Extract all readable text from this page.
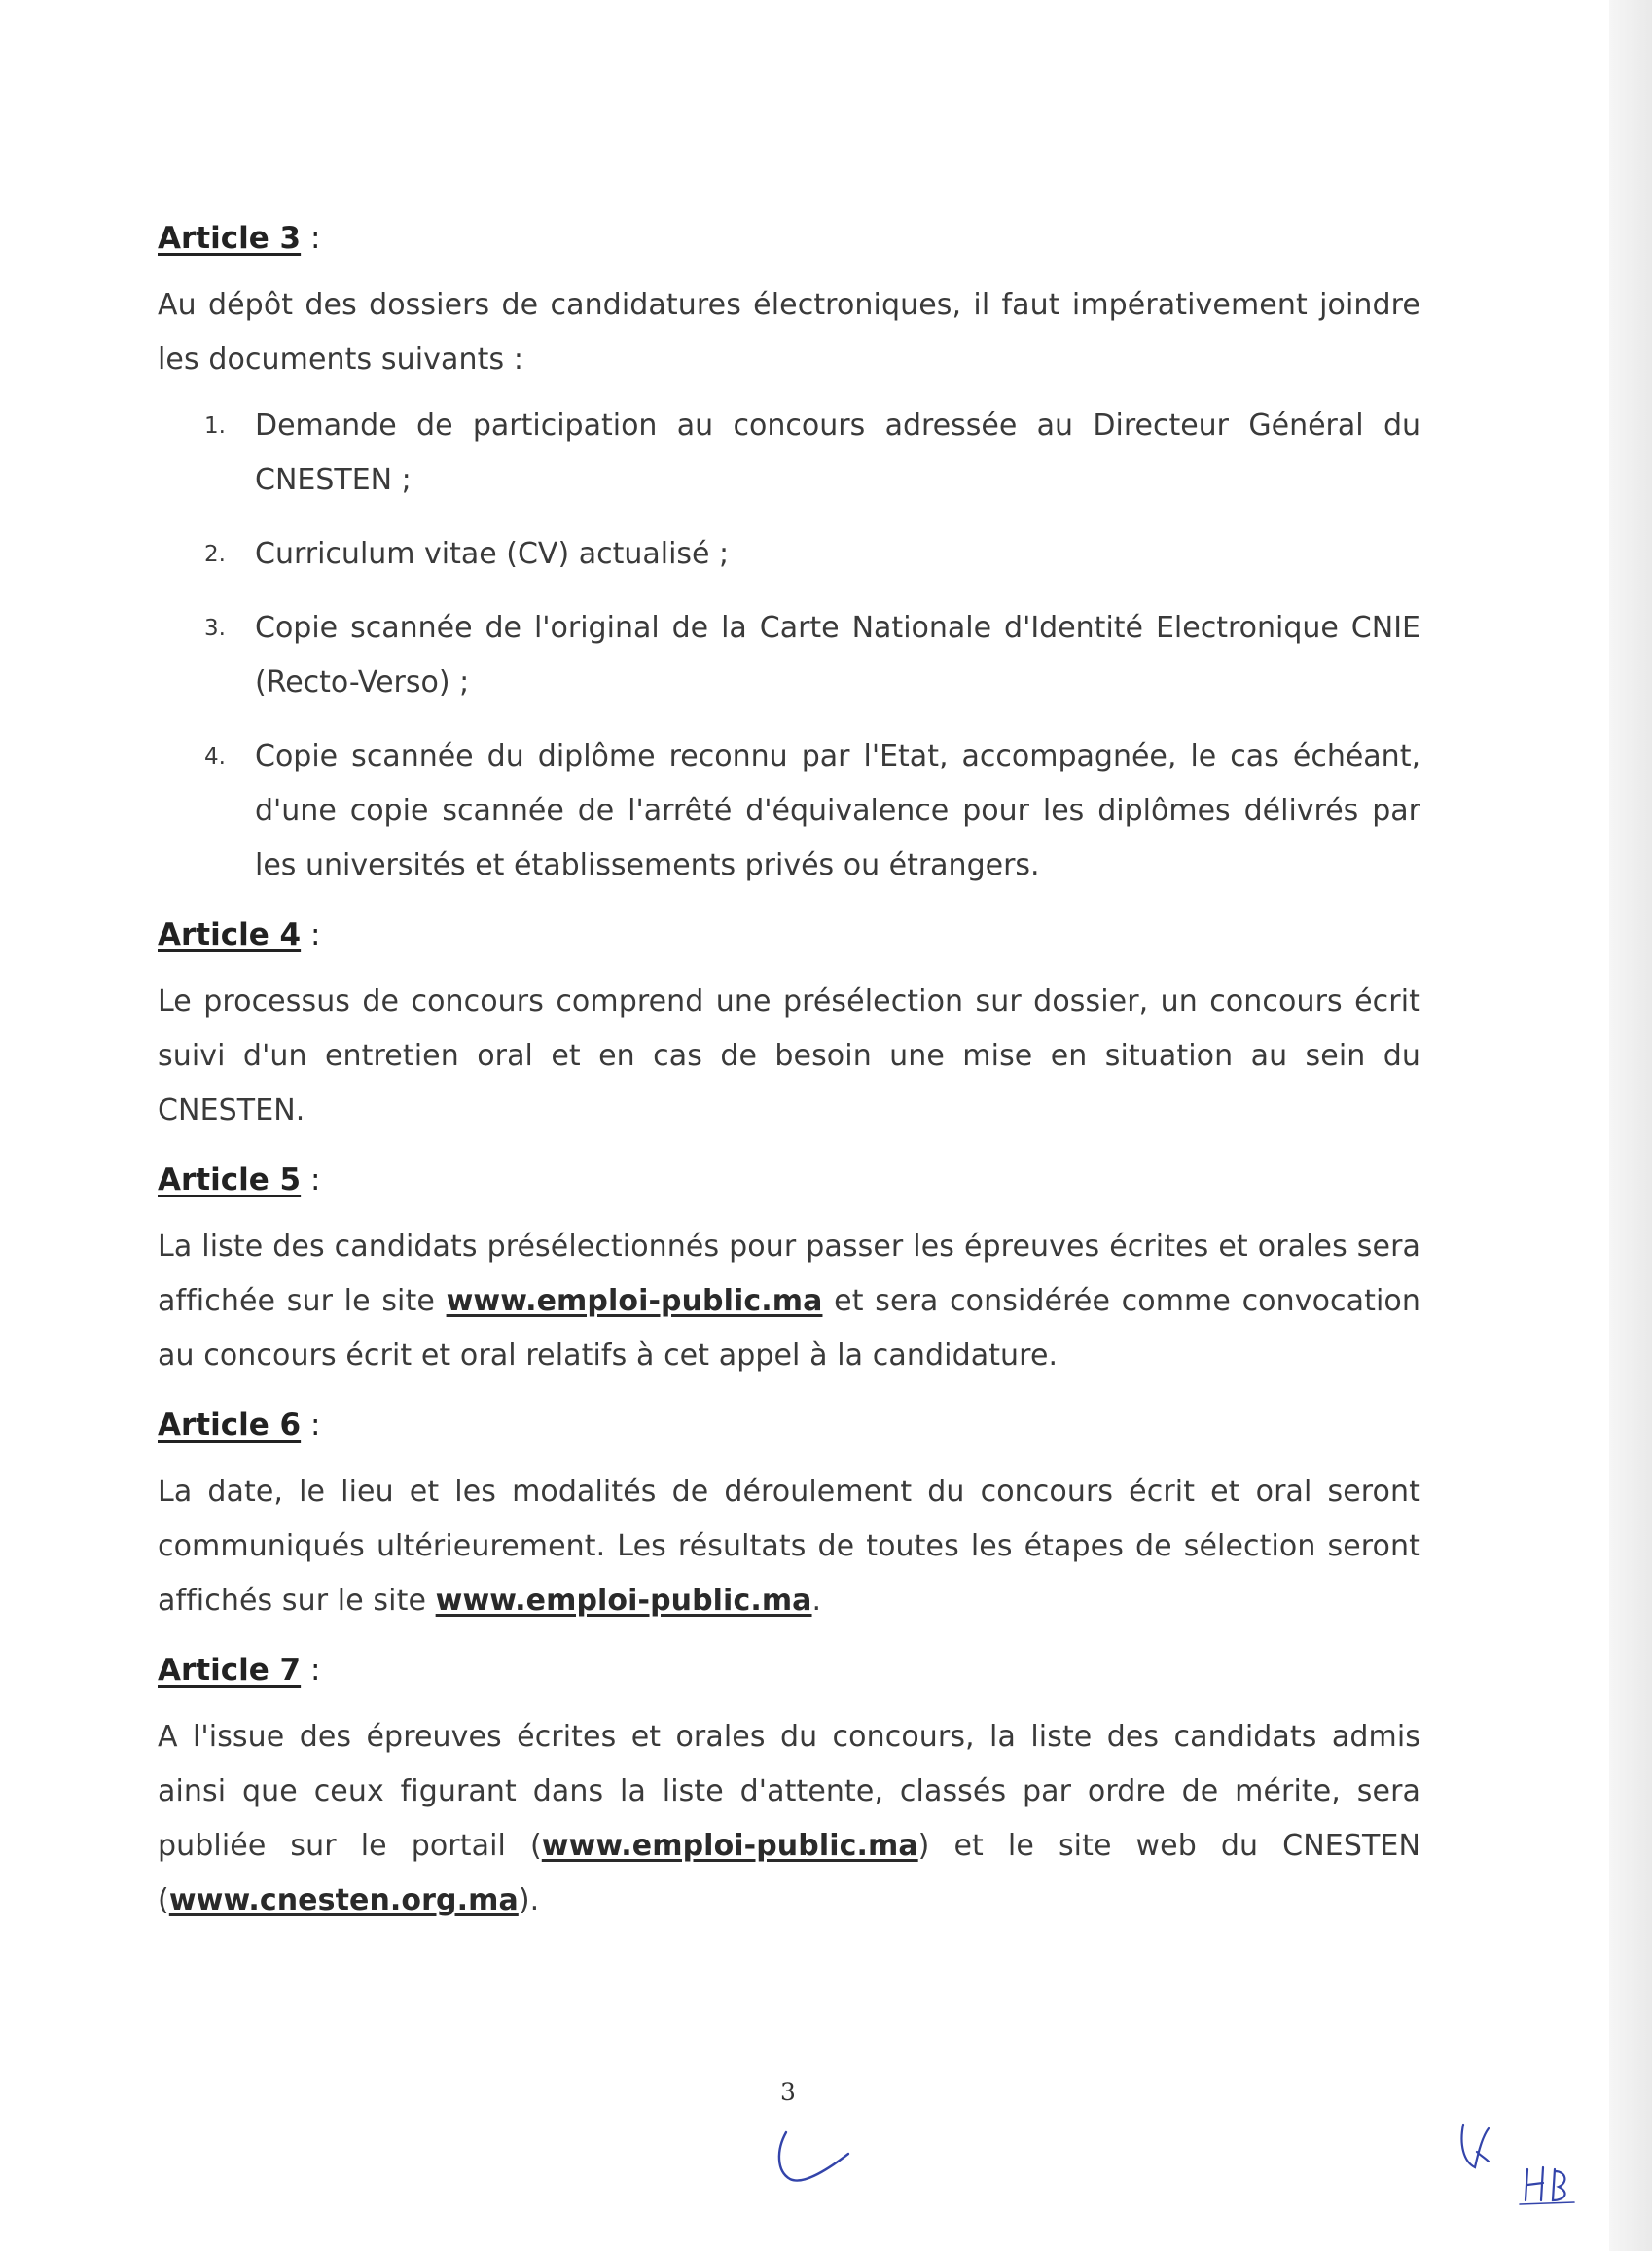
Article 3 :

Au dépôt des dossiers de candidatures électroniques, il faut impérativement joindre les documents suivants :

1. Demande de participation au concours adressée au Directeur Général du CNESTEN ;
2. Curriculum vitae (CV) actualisé ;
3. Copie scannée de l'original de la Carte Nationale d'Identité Electronique CNIE (Recto-Verso) ;
4. Copie scannée du diplôme reconnu par l'Etat, accompagnée, le cas échéant, d'une copie scannée de l'arrêté d'équivalence pour les diplômes délivrés par les universités et établissements privés ou étrangers.

Article 4 :

Le processus de concours comprend une présélection sur dossier, un concours écrit suivi d'un entretien oral et en cas de besoin une mise en situation au sein du CNESTEN.

Article 5 :

La liste des candidats présélectionnés pour passer les épreuves écrites et orales sera affichée sur le site www.emploi-public.ma et sera considérée comme convocation au concours écrit et oral relatifs à cet appel à la candidature.

Article 6 :

La date, le lieu et les modalités de déroulement du concours écrit et oral seront communiqués ultérieurement. Les résultats de toutes les étapes de sélection seront affichés sur le site www.emploi-public.ma.

Article 7 :

A l'issue des épreuves écrites et orales du concours, la liste des candidats admis ainsi que ceux figurant dans la liste d'attente, classés par ordre de mérite, sera publiée sur le portail (www.emploi-public.ma) et le site web du CNESTEN (www.cnesten.org.ma).

3
